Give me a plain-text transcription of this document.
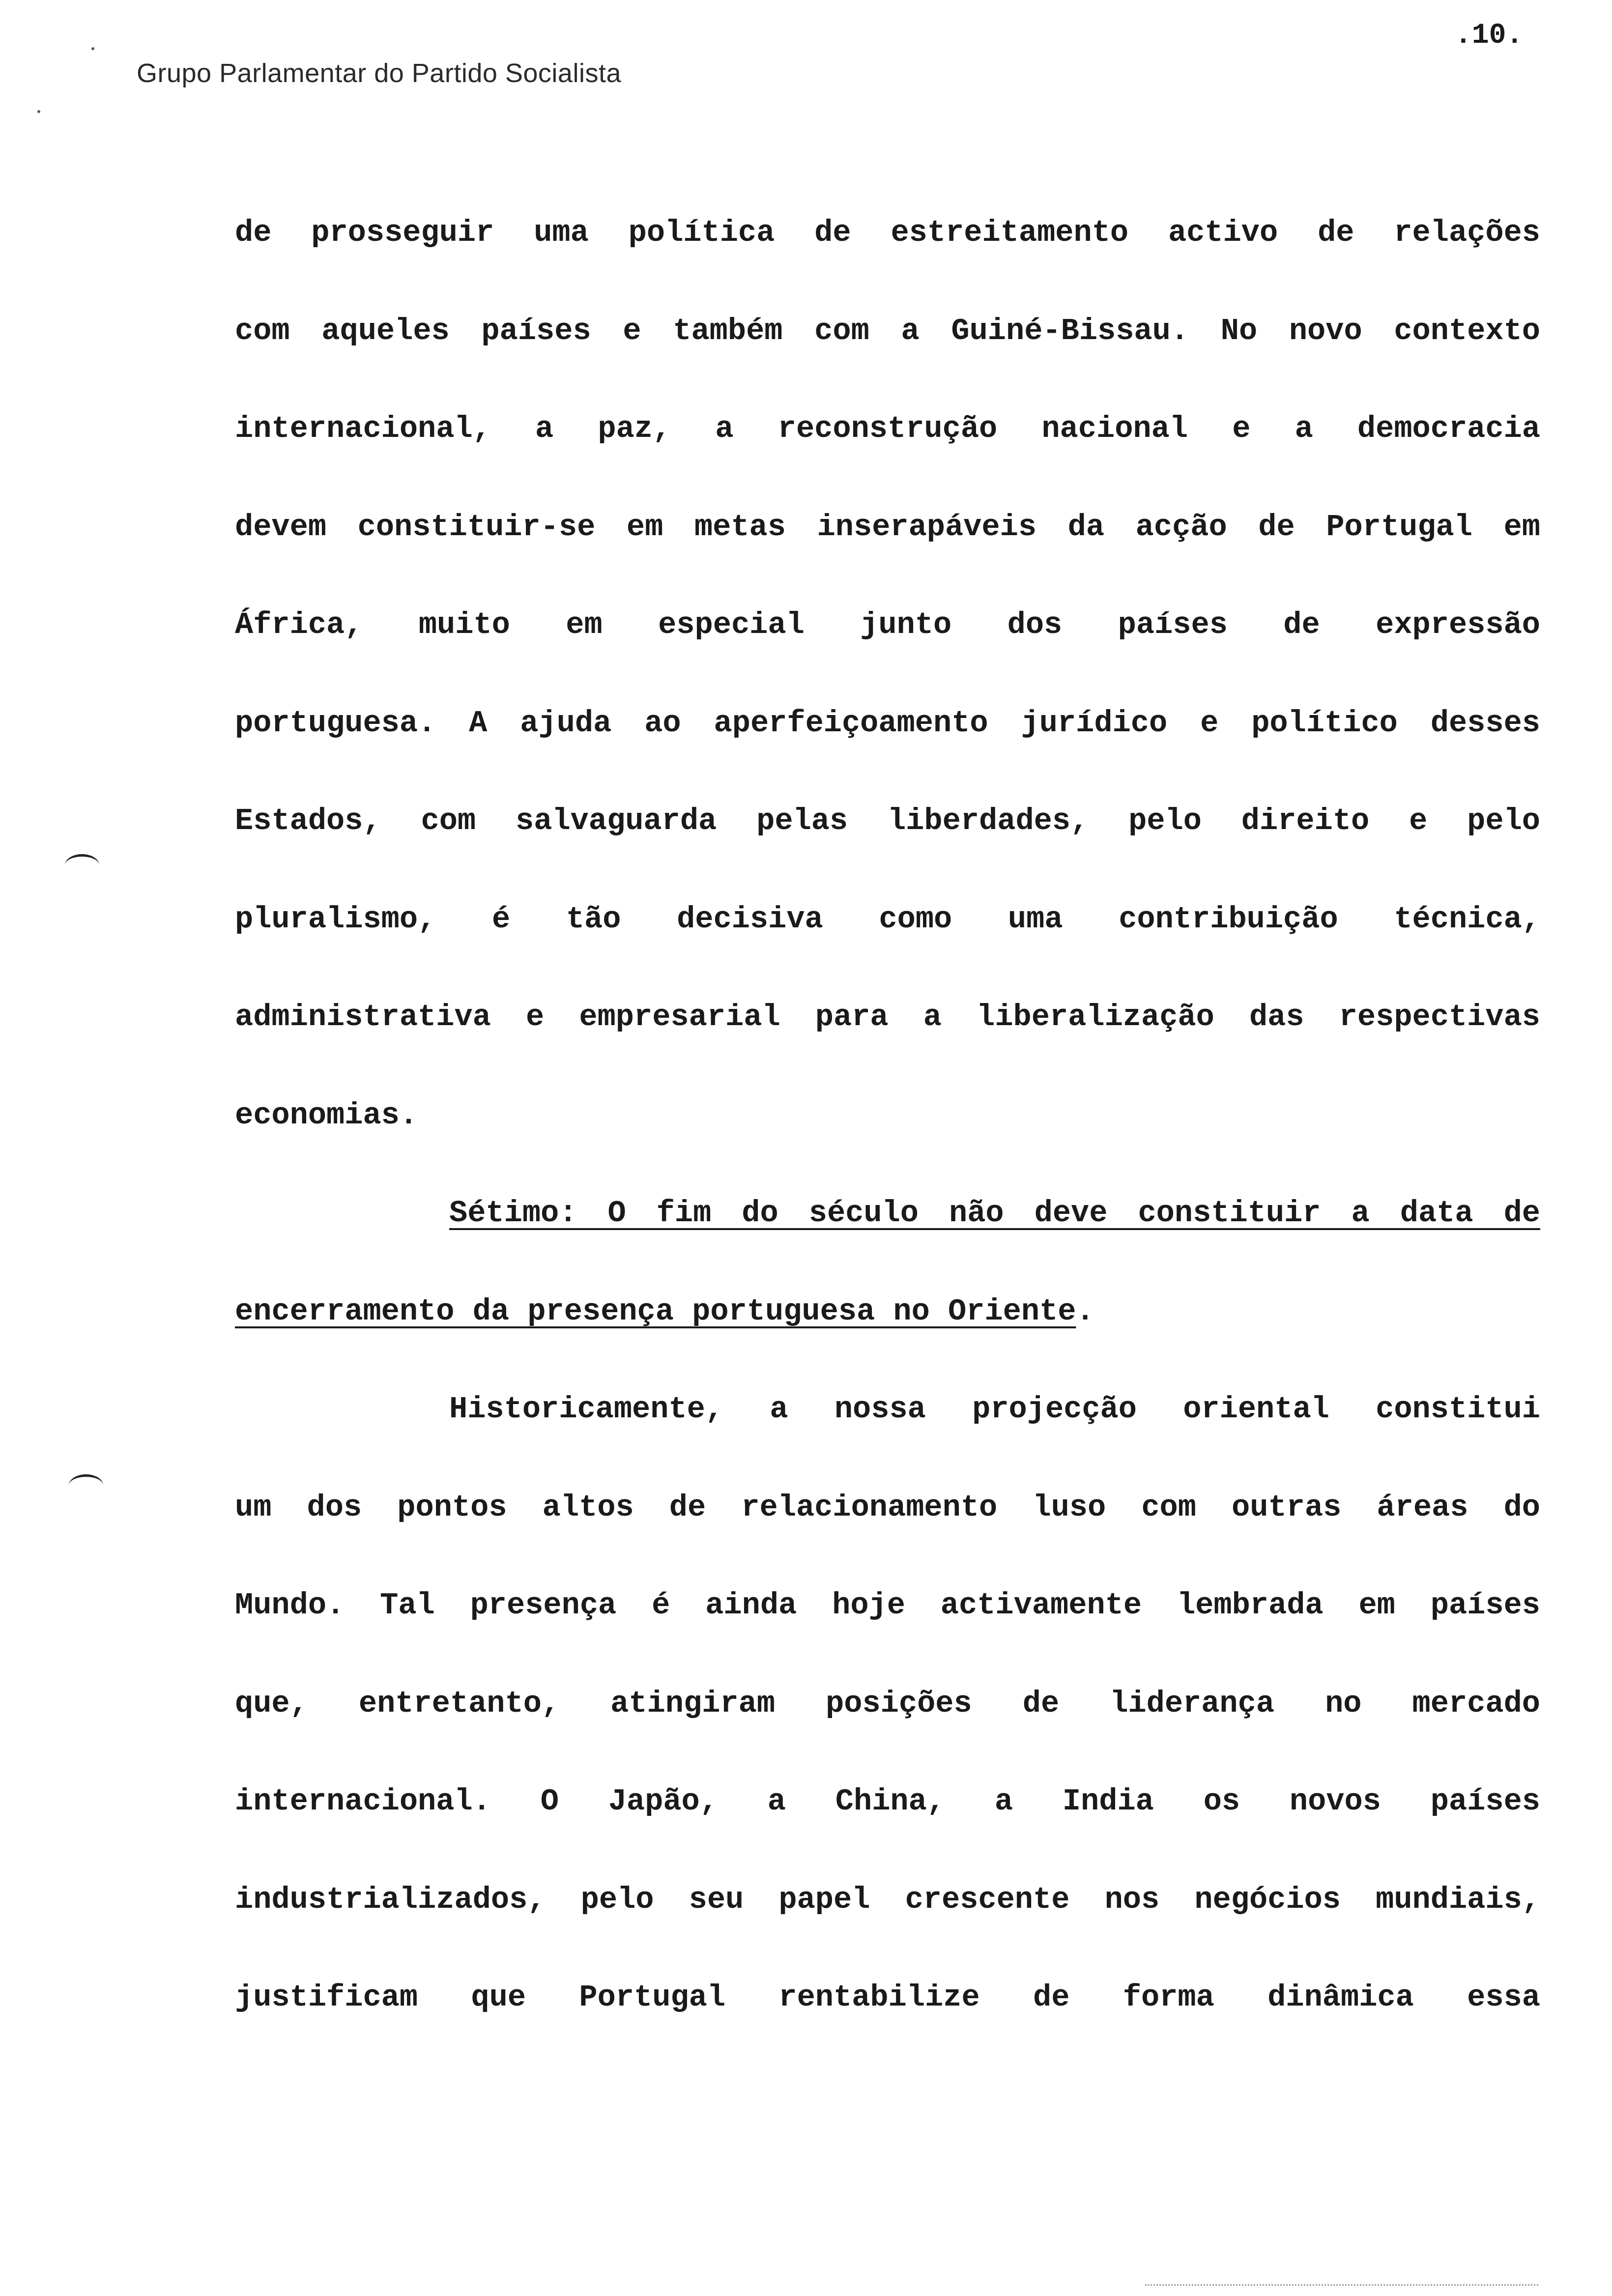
Grupo Parlamentar do Partido Socialista
.10.
de prosseguir uma política de estreitamento activo de relações
com aqueles países e também com a Guiné-Bissau. No novo contexto
internacional, a paz, a reconstrução nacional e a democracia
devem constituir-se em metas inserapáveis da acção de Portugal em
África, muito em especial junto dos países de expressão
portuguesa. A ajuda ao aperfeiçoamento jurídico e político desses
Estados, com salvaguarda pelas liberdades, pelo direito e pelo
pluralismo, é tão decisiva como uma contribuição técnica,
administrativa e empresarial para a liberalização das respectivas
economias.
Sétimo: O fim do século não deve constituir a data de
encerramento da presença portuguesa no Oriente.
Historicamente, a nossa projecção oriental constitui
um dos pontos altos de relacionamento luso com outras áreas do
Mundo. Tal presença é ainda hoje activamente lembrada em países
que, entretanto, atingiram posições de liderança no mercado
internacional. O Japão, a China, a India os novos países
industrializados, pelo seu papel crescente nos negócios mundiais,
justificam que Portugal rentabilize de forma dinâmica essa
